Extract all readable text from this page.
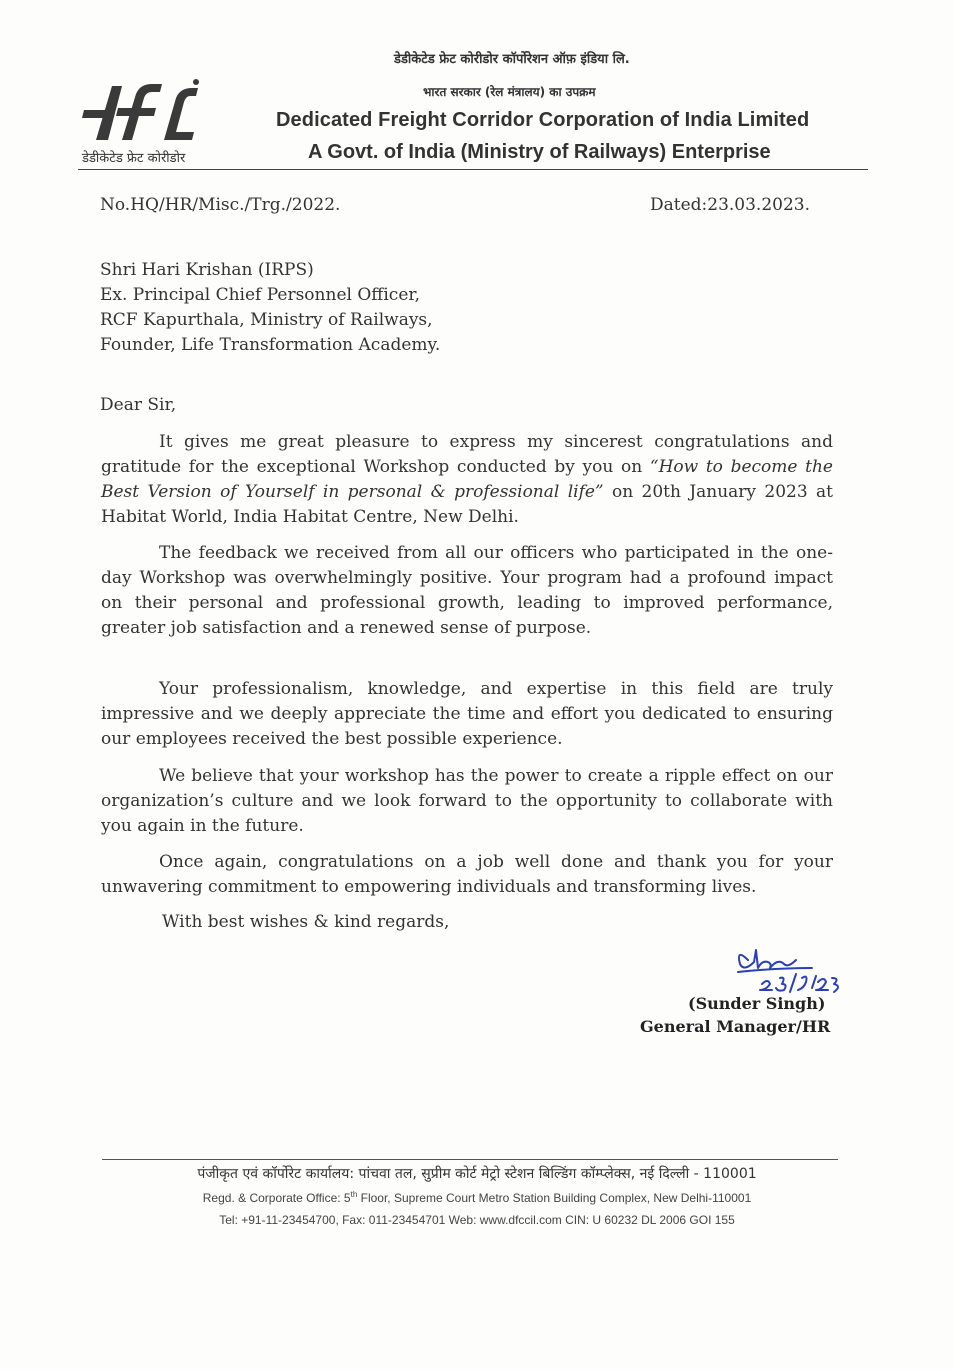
डेडीकेटेड फ्रेट कोरीडोर
डेडीकेटेड फ्रेट कोरीडोर कॉर्पोरेशन ऑफ़ इंडिया लि.
भारत सरकार (रेल मंत्रालय) का उपक्रम
Dedicated Freight Corridor Corporation of India Limited
A Govt. of India (Ministry of Railways) Enterprise
No.HQ/HR/Misc./Trg./2022.	Dated:23.03.2023.
Shri Hari Krishan (IRPS)
Ex. Principal Chief Personnel Officer,
RCF Kapurthala, Ministry of Railways,
Founder, Life Transformation Academy.
Dear Sir,
It gives me great pleasure to express my sincerest congratulations and gratitude for the exceptional Workshop conducted by you on “How to become the Best Version of Yourself in personal & professional life” on 20th January 2023 at Habitat World, India Habitat Centre, New Delhi.
The feedback we received from all our officers who participated in the one-day Workshop was overwhelmingly positive. Your program had a profound impact on their personal and professional growth, leading to improved performance, greater job satisfaction and a renewed sense of purpose.
Your professionalism, knowledge, and expertise in this field are truly impressive and we deeply appreciate the time and effort you dedicated to ensuring our employees received the best possible experience.
We believe that your workshop has the power to create a ripple effect on our organization’s culture and we look forward to the opportunity to collaborate with you again in the future.
Once again, congratulations on a job well done and thank you for your unwavering commitment to empowering individuals and transforming lives.
With best wishes & kind regards,
(Sunder Singh)
General Manager/HR
पंजीकृत एवं कॉर्पोरेट कार्यालय: पांचवा तल, सुप्रीम कोर्ट मेट्रो स्टेशन बिल्डिंग कॉम्प्लेक्स, नई दिल्ली - 110001
Regd. & Corporate Office: 5th Floor, Supreme Court Metro Station Building Complex, New Delhi-110001
Tel: +91-11-23454700, Fax: 011-23454701 Web: www.dfccil.com CIN: U 60232 DL 2006 GOI 155
